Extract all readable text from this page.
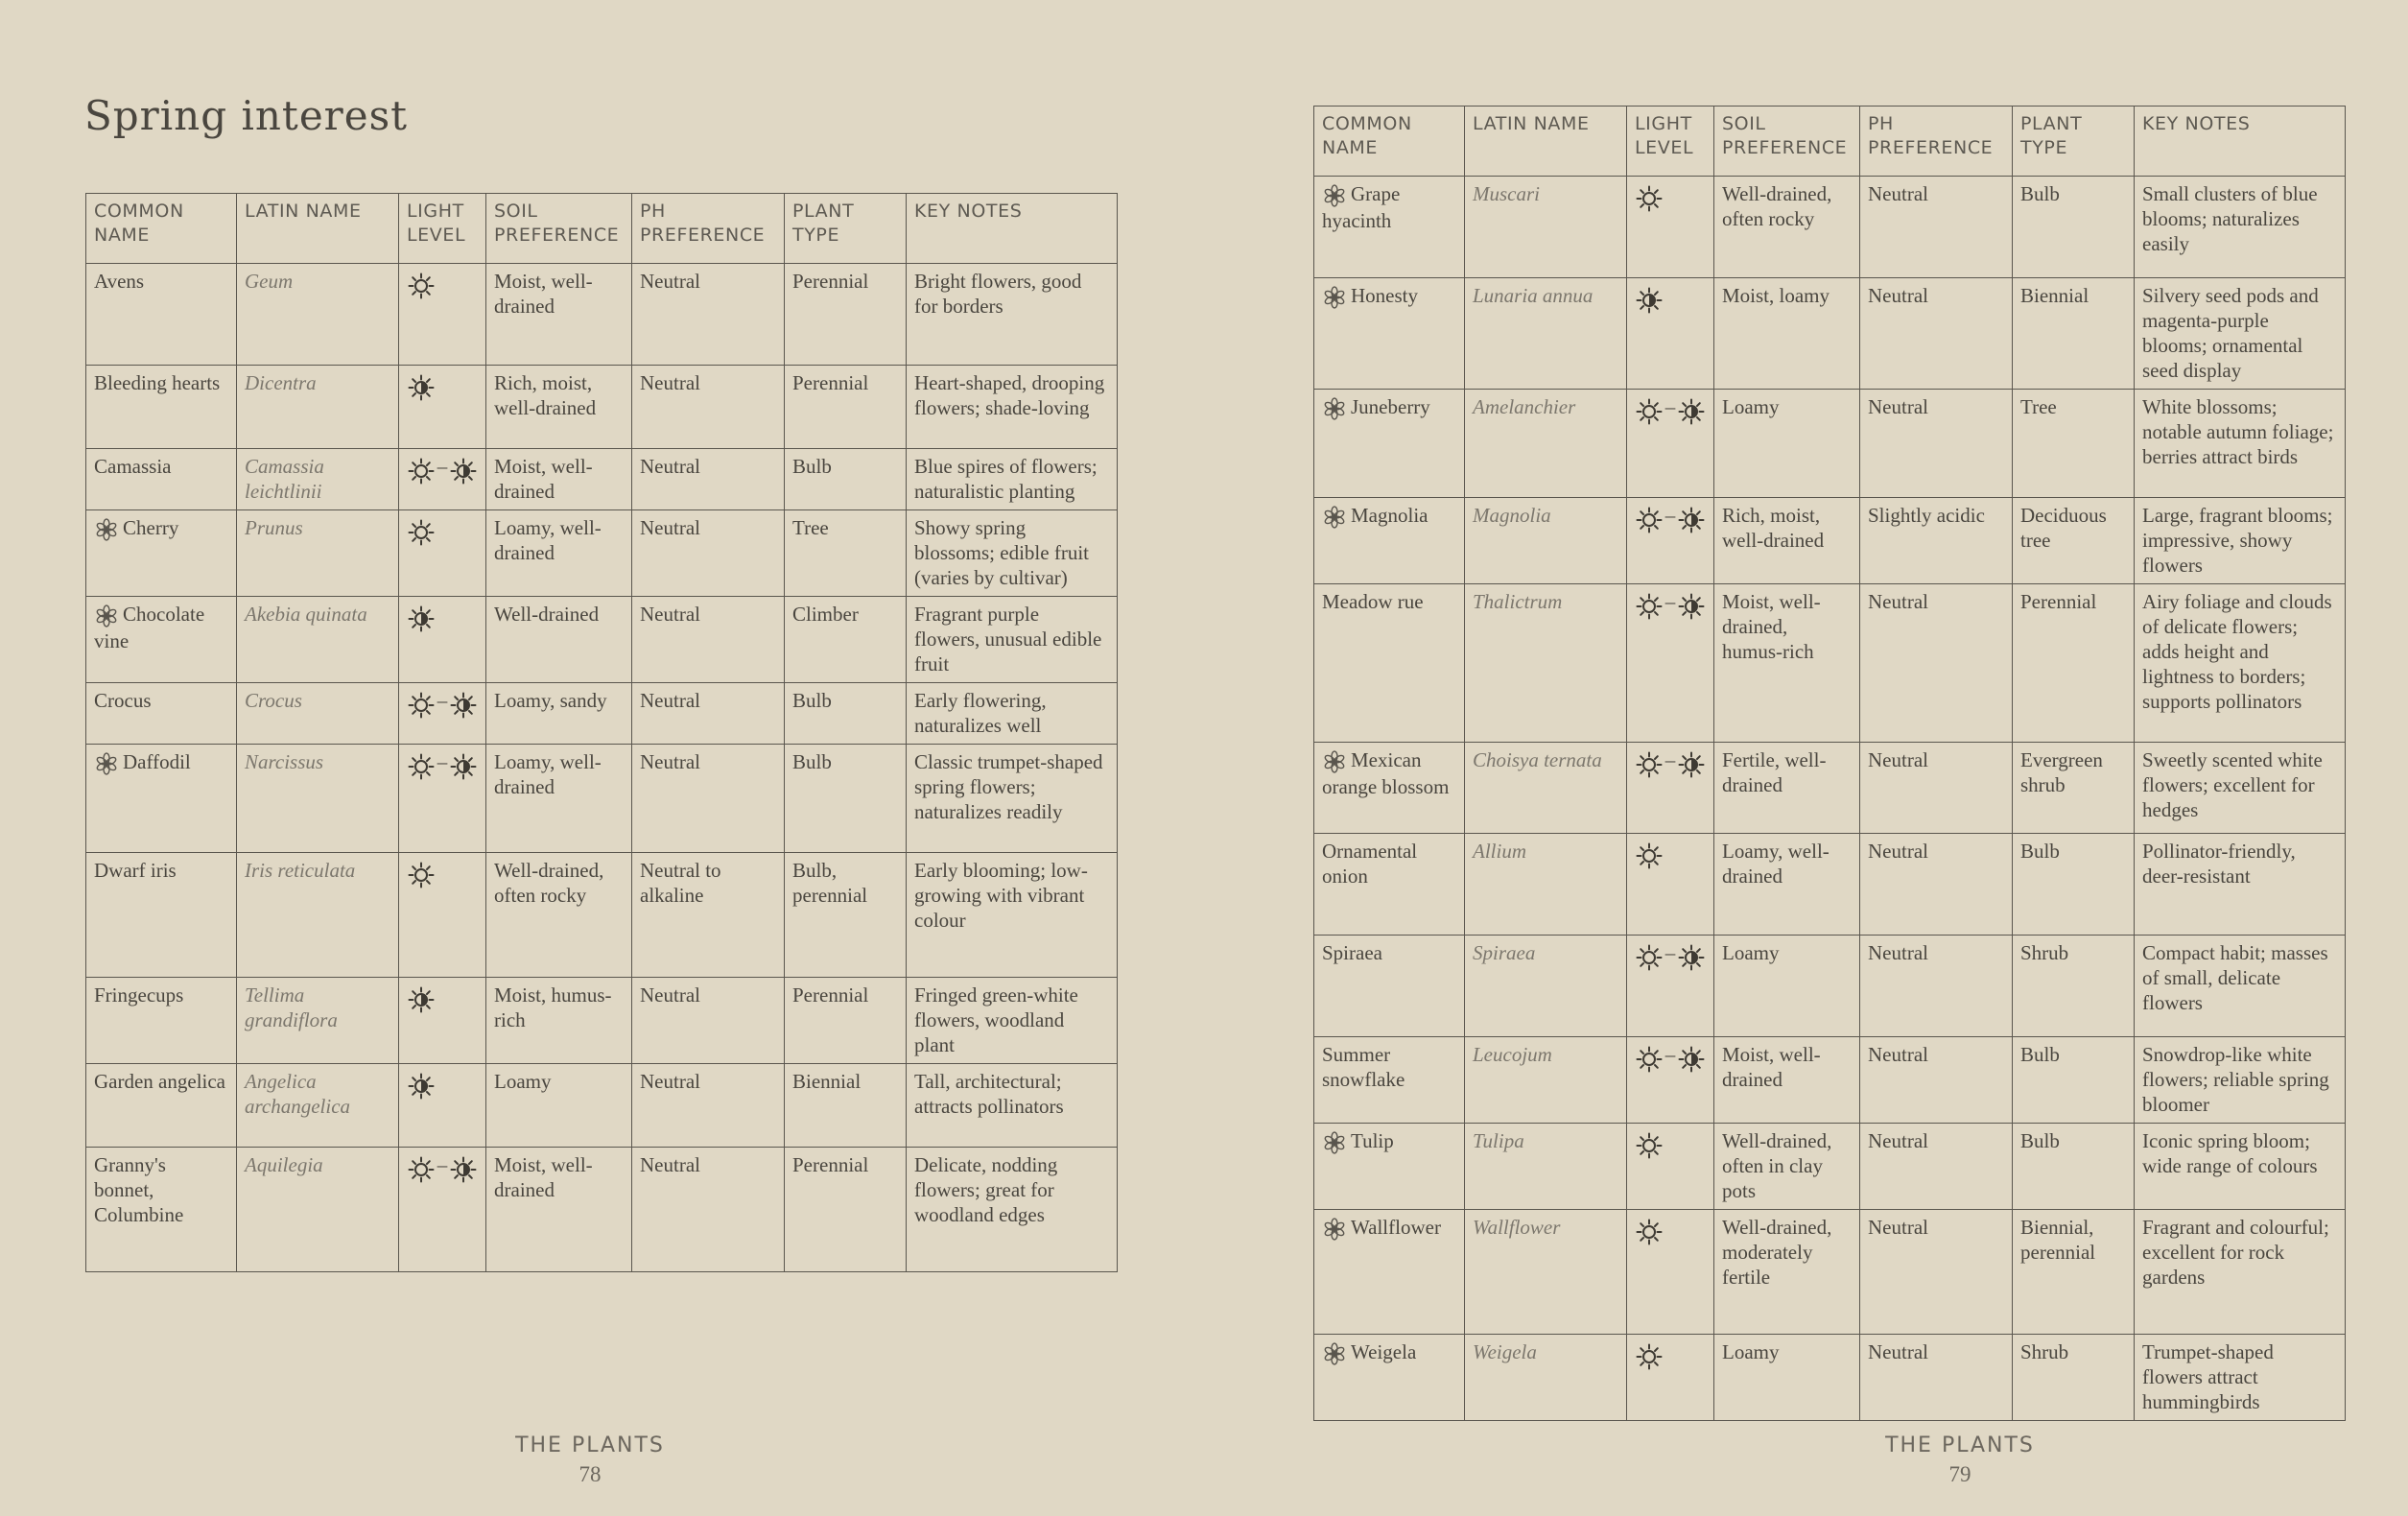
Spring interest
COMMON NAME	LATIN NAME	LIGHT LEVEL	SOIL PREFERENCE	PH PREFERENCE	PLANT TYPE	KEY NOTES
Avens	Geum		Moist, well-drained	Neutral	Perennial	Bright flowers, good for borders
Bleeding hearts	Dicentra		Rich, moist, well-drained	Neutral	Perennial	Heart-shaped, drooping flowers; shade-loving
Camassia	Camassia leichtlinii	–	Moist, well-drained	Neutral	Bulb	Blue spires of flowers; naturalistic planting
Cherry	Prunus		Loamy, well-drained	Neutral	Tree	Showy spring blossoms; edible fruit (varies by cultivar)
Chocolate vine	Akebia quinata		Well-drained	Neutral	Climber	Fragrant purple flowers, unusual edible fruit
Crocus	Crocus	–	Loamy, sandy	Neutral	Bulb	Early flowering, naturalizes well
Daffodil	Narcissus	–	Loamy, well-drained	Neutral	Bulb	Classic trumpet-shaped spring flowers; naturalizes readily
Dwarf iris	Iris reticulata		Well-drained, often rocky	Neutral to alkaline	Bulb, perennial	Early blooming; low-growing with vibrant colour
Fringecups	Tellima grandiflora		Moist, humus-rich	Neutral	Perennial	Fringed green-white flowers, woodland plant
Garden angelica	Angelica archangelica		Loamy	Neutral	Biennial	Tall, architectural; attracts pollinators
Granny's bonnet, Columbine	Aquilegia	–	Moist, well-drained	Neutral	Perennial	Delicate, nodding flowers; great for woodland edges
THE PLANTS
78
COMMON NAME	LATIN NAME	LIGHT LEVEL	SOIL PREFERENCE	PH PREFERENCE	PLANT TYPE	KEY NOTES
Grape hyacinth	Muscari		Well-drained, often rocky	Neutral	Bulb	Small clusters of blue blooms; naturalizes easily
Honesty	Lunaria annua		Moist, loamy	Neutral	Biennial	Silvery seed pods and magenta-purple blooms; ornamental seed display
Juneberry	Amelanchier	–	Loamy	Neutral	Tree	White blossoms; notable autumn foliage; berries attract birds
Magnolia	Magnolia	–	Rich, moist, well-drained	Slightly acidic	Deciduous tree	Large, fragrant blooms; impressive, showy flowers
Meadow rue	Thalictrum	–	Moist, well-drained, humus-rich	Neutral	Perennial	Airy foliage and clouds of delicate flowers; adds height and lightness to borders; supports pollinators
Mexican orange blossom	Choisya ternata	–	Fertile, well-drained	Neutral	Evergreen shrub	Sweetly scented white flowers; excellent for hedges
Ornamental onion	Allium		Loamy, well-drained	Neutral	Bulb	Pollinator-friendly, deer-resistant
Spiraea	Spiraea	–	Loamy	Neutral	Shrub	Compact habit; masses of small, delicate flowers
Summer snowflake	Leucojum	–	Moist, well-drained	Neutral	Bulb	Snowdrop-like white flowers; reliable spring bloomer
Tulip	Tulipa		Well-drained, often in clay pots	Neutral	Bulb	Iconic spring bloom; wide range of colours
Wallflower	Wallflower		Well-drained, moderately fertile	Neutral	Biennial, perennial	Fragrant and colourful; excellent for rock gardens
Weigela	Weigela		Loamy	Neutral	Shrub	Trumpet-shaped flowers attract hummingbirds
THE PLANTS
79
